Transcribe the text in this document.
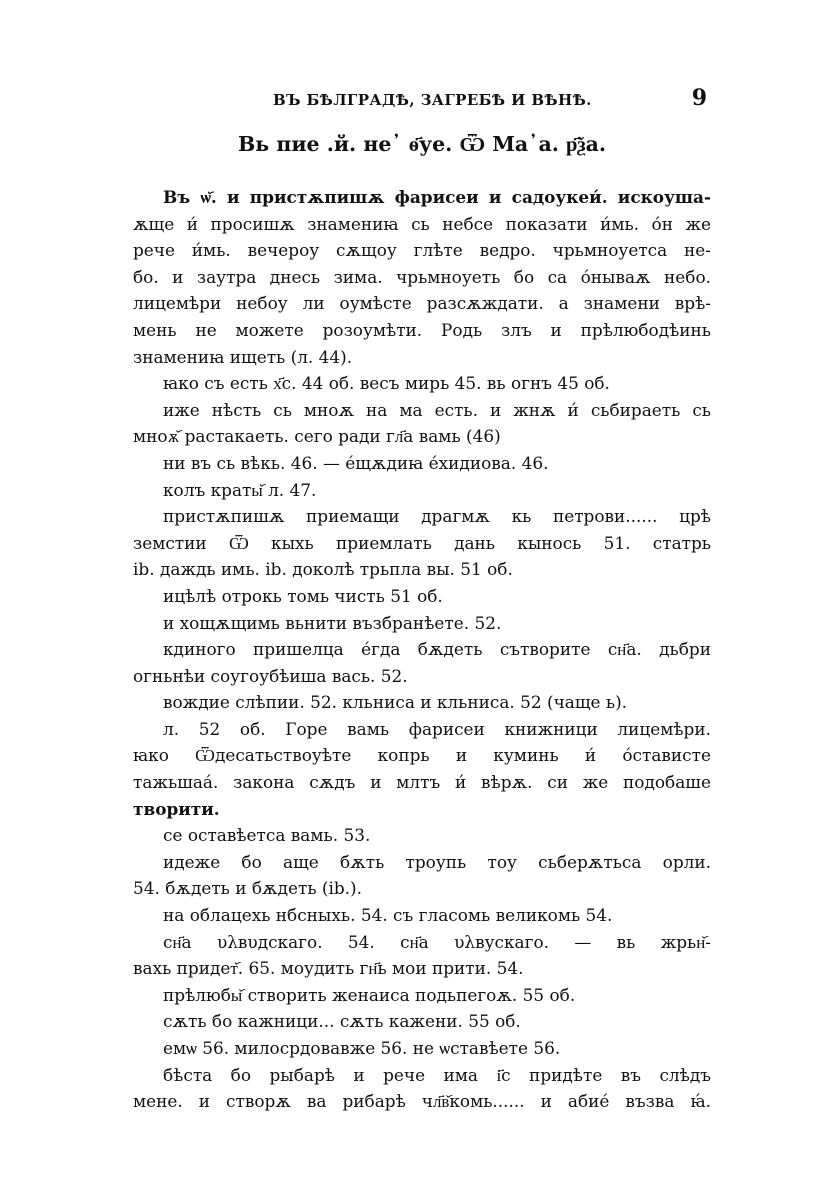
ВЪ БѢЛГРАДѢ, ЗАГРЕБѢ И ВѢНѢ.	9
Вь пие .й. не᾽ ѳ҃уе. Ѿ Ма᾽а. р҃ѯа.
Въ ѡ᷃. и пристѫпишѫ фарисеи и садоукеи́. искоуша-
ѫще и́ просишѫ знамениꙗ сь небсе показати и́мь. о́н же
рече и́мь. вечероу сѫщоу глѣте ведро. чрьмноуетса не-
бо. и заутра днесь зима. чрьмноуеть бо са о́нываѫ небо.
лицемѣри небоу ли оумѣсте разсѫждати. а знамени врѣ-
мень не можете розоумѣти. Родь злъ и прѣлюбодѣинь
знамениꙗ ищеть (л. 44).
ꙗко съ есть х҃с. 44 об. весъ мирь 45. вь огнъ 45 об.
иже нѣсть сь мноѫ на ма есть. и жнѫ и́ сьбираеть сь
мноѫ᷃ растакаеть. сего ради гл҃а вамь (46)
ни въ сь вѣкь. 46. — е́щѫдиꙗ е́хидиова. 46.
колъ краты᷃ л. 47.
пристѫпишѫ приемащи драгмѫ кь петрови...... црѣ
земстии Ѿ кыхь приемлать дань кынось 51. статрь
ib. даждь имь. ib. доколѣ трьпла вы. 51 об.
ицѣлѣ отрокь томь чисть 51 об.
и хощѫщимь вьнити възбранѣете. 52.
кдиного пришелца е́гда бѫдеть сътворите сн҃а. дьбри
огньнѣи соугоубѣиша вась. 52.
вождие слѣпии. 52. кльниса и кльниса. 52 (чаще ь).
л. 52 об. Горе вамь фарисеи книжници лицемѣри.
ꙗко Ѿдесатьствоуѣте копрь и куминь и́ о́стависте
тажьшаа́. закона сѫдъ и млтъ и́ вѣрѫ. си же подобаше
творити.
се оставѣетса вамь. 53.
идеже бо аще бѫть троупь тоу сьберѫтьса орли.
54. бѫдеть и бѫдеть (ib.).
на облацехь нбсныхь. 54. съ гласомь великомь 54.
сн҃а υλвυдскаго. 54. сн҃а υλвускаго. — вь жрьн᷃-
вахь придет᷃. 65. моудить гн҃ь мои прити. 54.
прѣлюбы᷃ створить женаиса подьпегоѫ. 55 об.
сѫть бо кажници... сѫть кажени. 55 об.
емѡ 56. милосрдовавже 56. не ѡставѣете 56.
бѣста бо рыбарѣ и рече има і҃с придѣте въ слѣдъ
мене. и створѫ ва рибарѣ чл҃в᷃комь...... и абие́ възва ꙗ́.
